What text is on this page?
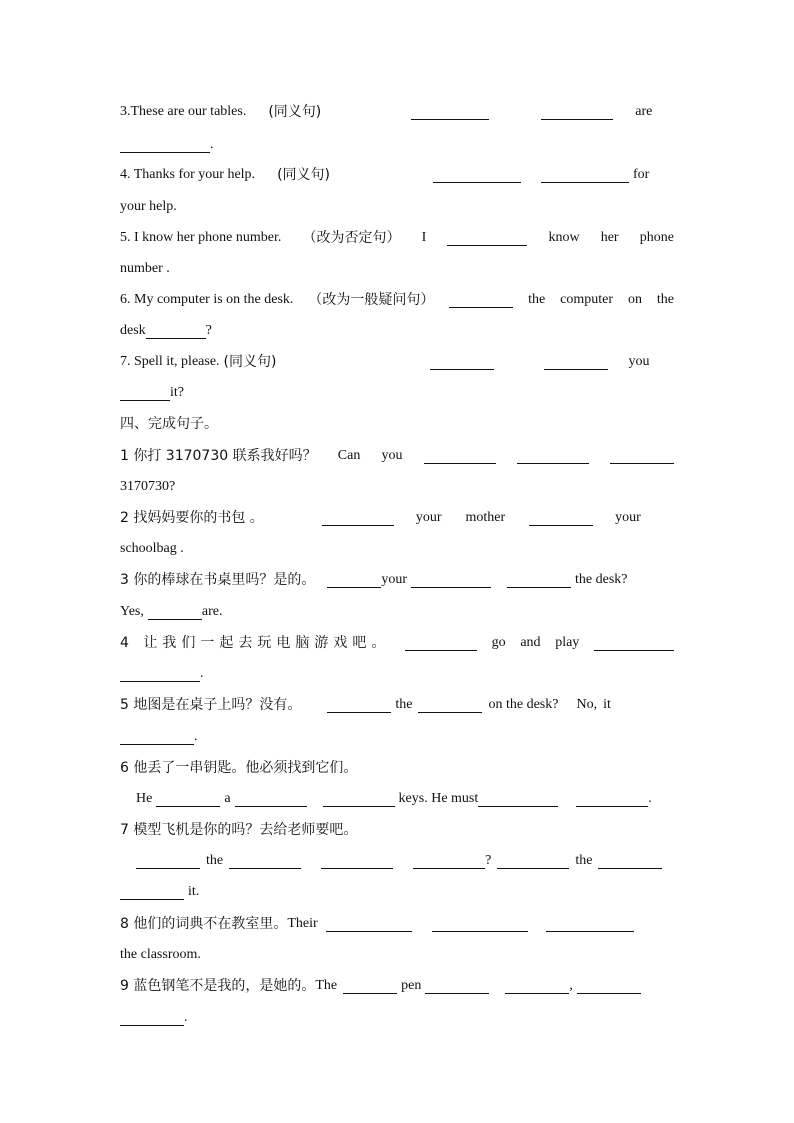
3.These are our tables. (同义句)	are
.
4. Thanks for your help. (同义句)	for
your help.
5. I know her phone number. （改为否定句） I	know her phone
number .
6. My computer is on the desk. （改为一般疑问句）	the computer on the
desk	?
7. Spell it, please. (同义句)	you
it?
四、完成句子。
1 你打 3170730 联系我好吗？ Can you
3170730?
2 找妈妈要你的书包 。	your mother	your
schoolbag .
3 你的棒球在书桌里吗？是的。	your	the desk?
Yes,	are.
4 让我们一起去玩电脑游戏吧。	go and play
.
5 地图是在桌子上吗？没有。	the	on the desk? No, it
.
6 他丢了一串钥匙。他必须找到它们。
He	a	keys. He must	.
7 模型飞机是你的吗？去给老师要吧。
the	?	the
it.
8 他们的词典不在教室里。 Their
the classroom.
9 蓝色钢笔不是我的，是她的。 The	pen	,
.
